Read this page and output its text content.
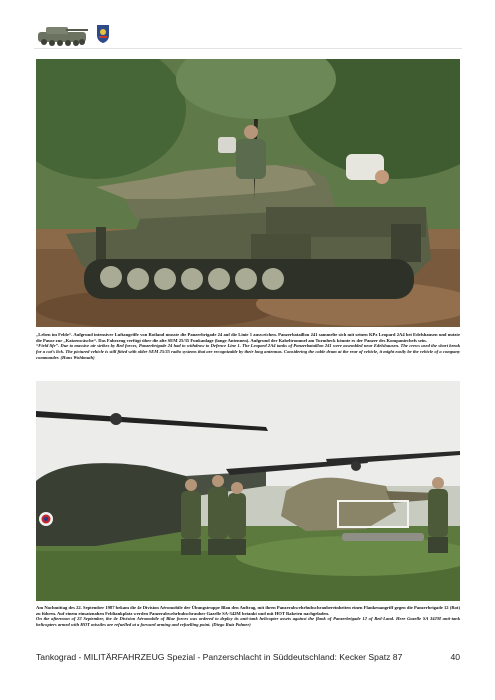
„Leben im Felde“. Aufgrund intensiver Luftangriffe von Rotland musste die Panzerbrigade 24 auf die Linie 1 ausweichen. Panzerbataillon 241 sammelte sich mit seinen KPz Leopard 2A4 bei Edelshausen und nutzte die Pause zur „Katzenwäsche“. Das Fahrzeug verfügt über die alte SEM 25/35 Funkanlage (lange Antennen). Aufgrund der Kabeltrommel am Turmheck könnte es der Panzer des Kompaniechefs sein.

“Field life”. Due to massive air strikes by Red forces, Panzerbrigade 24 had to withdraw to Defence Line 1. The Leopard 2A4 tanks of Panzerbataillon 241 were assembled near Edelshausen. The crews used the short break for a cat’s lick. The pictured vehicle is still fitted with older SEM 25/35 radio systems that are recognizable by their long antennas. Considering the cable drum at the rear of vehicle, it might easily be the vehicle of a company commander. (Hans Wohlmuth)

Am Nachmittag des 22. September 1987 bekam die 4e Division Aéromobile der Übungstruppe Blau den Auftrag, mit ihren Panzerabwehrhubschraubereinheiten einen Flankenangriff gegen die Panzerbrigade 12 (Rot) zu führen. Auf einem einsatznahen Feldtankplatz werden Panzerabwehrhubschrauber Gazelle SA-342M betankt und mit HOT Raketen nachgeladen.

On the afternoon of 22 September, the 4e Division Aéromobile of Blue forces was ordered to deploy its anti-tank helicopter assets against the flank of Panzerbrigade 12 of Red-Land. Here Gazelle SA 342M anti-tank helicopters armed with HOT missiles are refuelled at a forward arming and refuelling point. (Diego Ruiz Palmer)

Tankograd - MILITÄRFAHRZEUG Spezial - Panzerschlacht in Süddeutschland: Kecker Spatz 87	40
